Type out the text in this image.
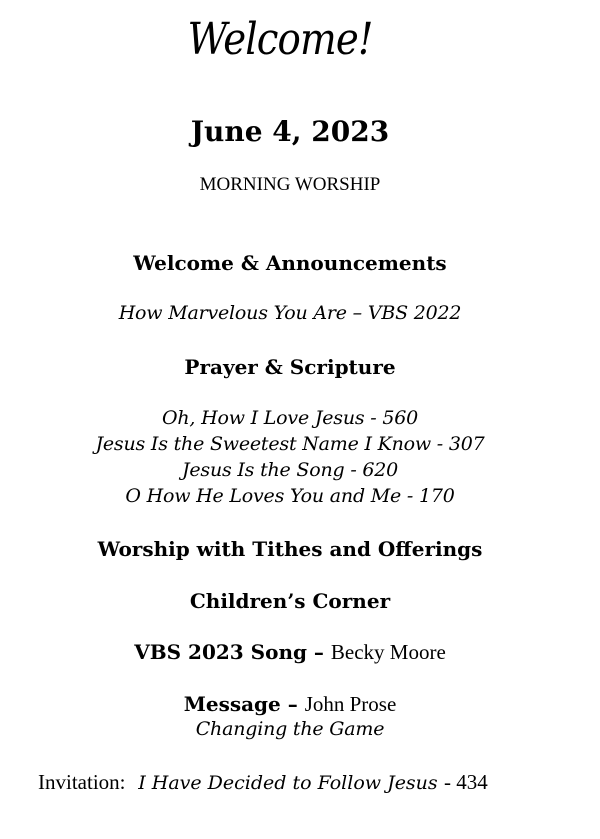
Welcome!
June 4, 2023
MORNING WORSHIP
Welcome & Announcements
How Marvelous You Are – VBS 2022
Prayer & Scripture
Oh, How I Love Jesus - 560
Jesus Is the Sweetest Name I Know - 307
Jesus Is the Song - 620
O How He Loves You and Me - 170
Worship with Tithes and Offerings
Children’s Corner
VBS 2023 Song – Becky Moore
Message – John Prose
Changing the Game
Invitation: I Have Decided to Follow Jesus - 434
